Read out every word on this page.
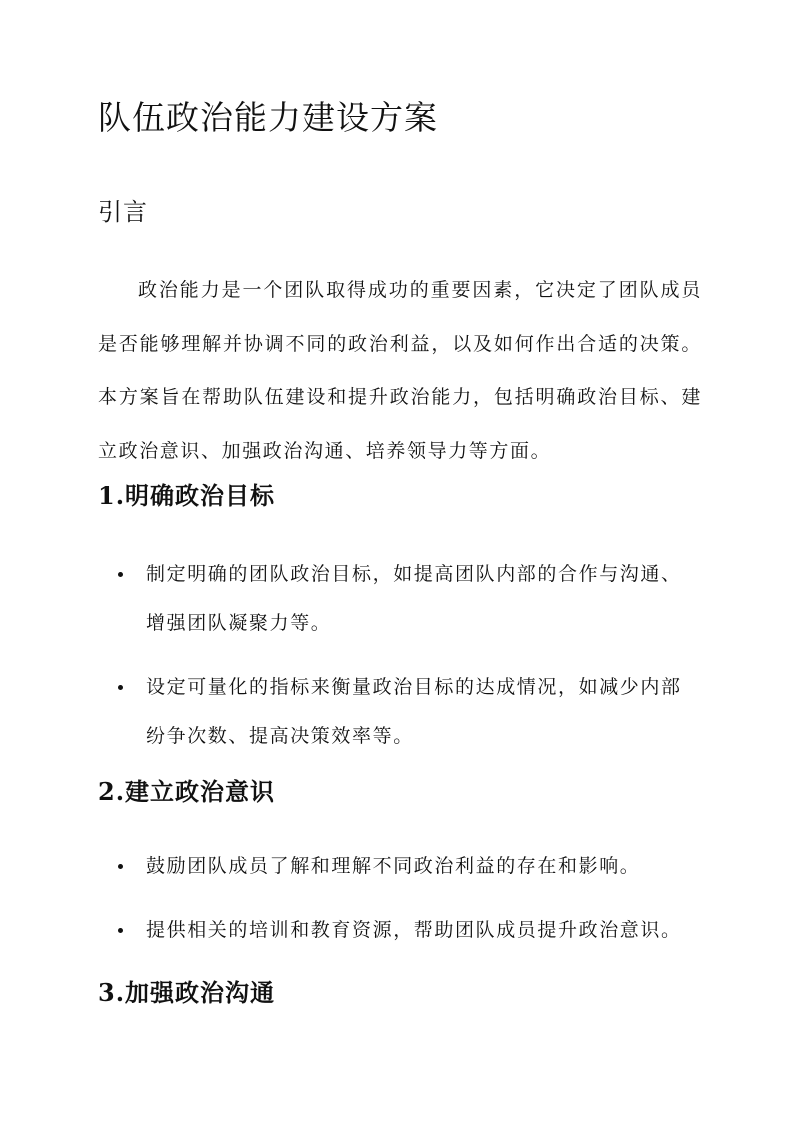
队伍政治能力建设方案
引言

政治能力是一个团队取得成功的重要因素，它决定了团队成员是否能够理解并协调不同的政治利益，以及如何作出合适的决策。本方案旨在帮助队伍建设和提升政治能力，包括明确政治目标、建立政治意识、加强政治沟通、培养领导力等方面。

1.明确政治目标
制定明确的团队政治目标，如提高团队内部的合作与沟通、增强团队凝聚力等。
设定可量化的指标来衡量政治目标的达成情况，如减少内部纷争次数、提高决策效率等。
2.建立政治意识
鼓励团队成员了解和理解不同政治利益的存在和影响。
提供相关的培训和教育资源，帮助团队成员提升政治意识。
3.加强政治沟通
